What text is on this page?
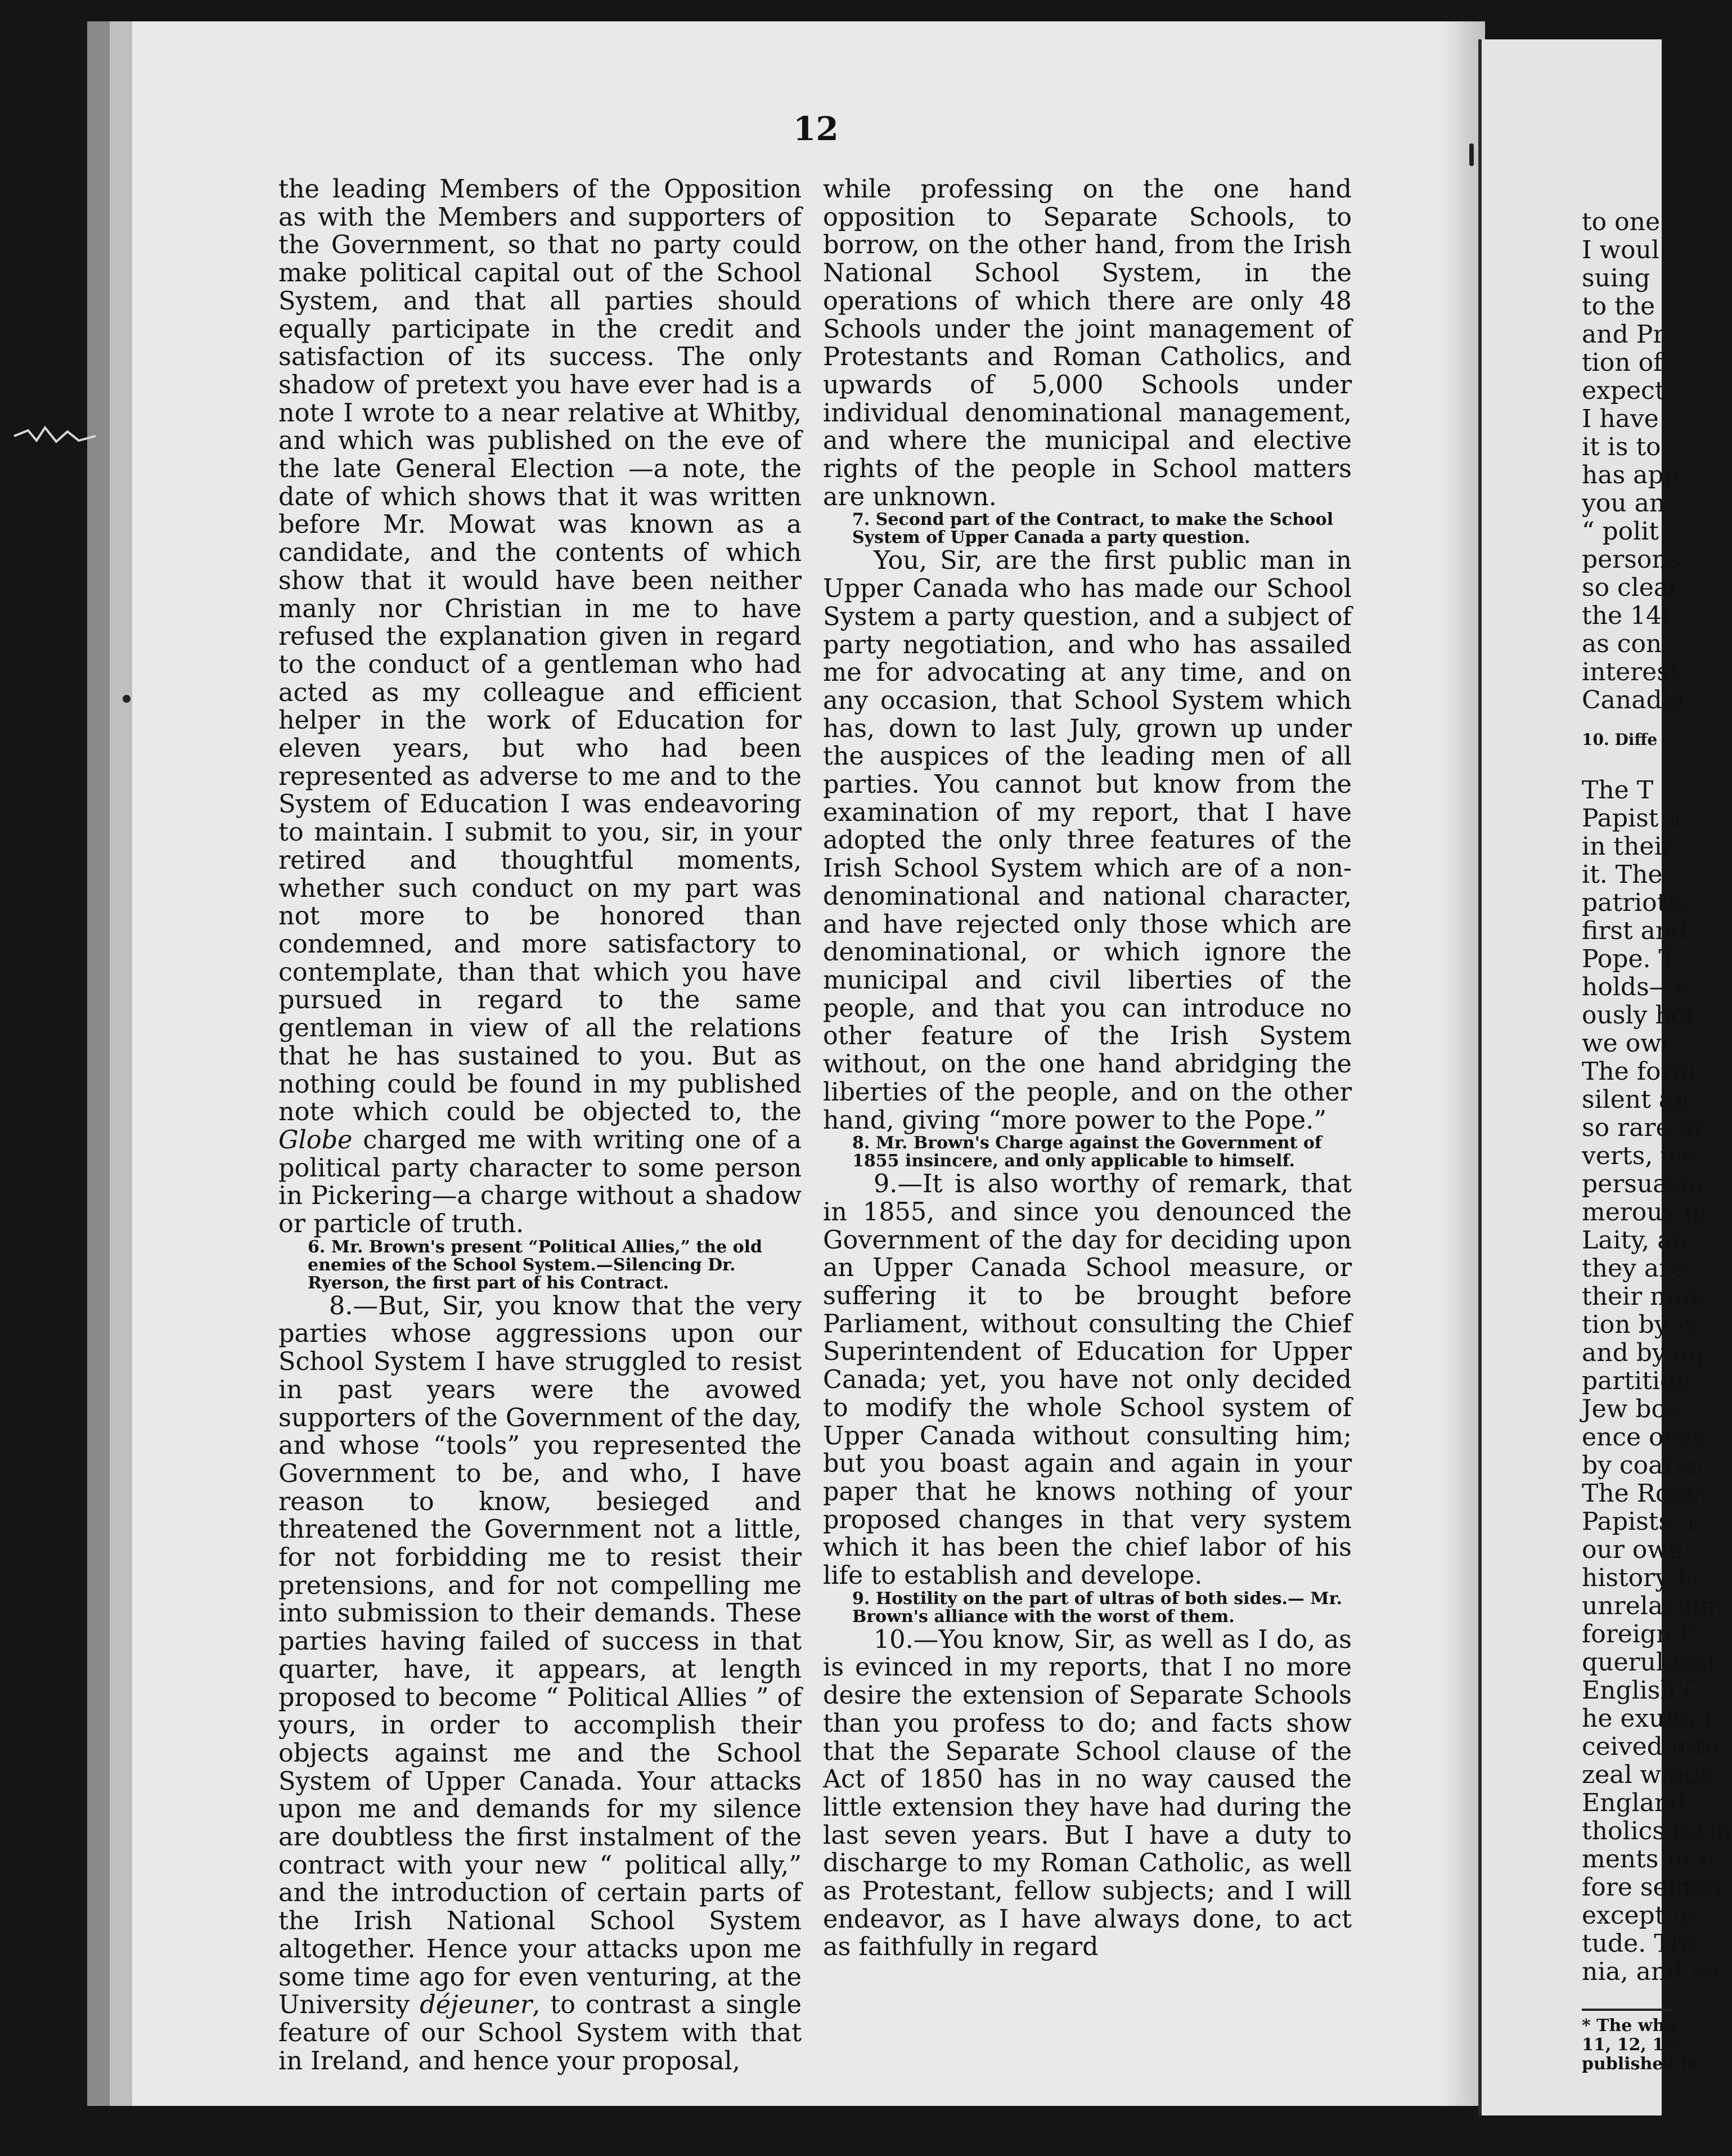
12

the leading Members of the Opposition as with the Members and supporters of the Government, so that no party could make political capital out of the School System, and that all parties should equally participate in the credit and satisfaction of its success. The only shadow of pretext you have ever had is a note I wrote to a near relative at Whitby, and which was published on the eve of the late General Election —a note, the date of which shows that it was written before Mr. Mowat was known as a candidate, and the contents of which show that it would have been neither manly nor Christian in me to have refused the explanation given in regard to the conduct of a gentleman who had acted as my colleague and efficient helper in the work of Education for eleven years, but who had been represented as adverse to me and to the System of Education I was endeavoring to maintain. I submit to you, sir, in your retired and thoughtful moments, whether such conduct on my part was not more to be honored than condemned, and more satisfactory to contemplate, than that which you have pursued in regard to the same gentleman in view of all the relations that he has sustained to you. But as nothing could be found in my published note which could be objected to, the Globe charged me with writing one of a political party character to some person in Pickering—a charge without a shadow or particle of truth.

6. Mr. Brown's present “Political Allies,” the old enemies of the School System.—Silencing Dr. Ryerson, the first part of his Contract.

8.—But, Sir, you know that the very parties whose aggressions upon our School System I have struggled to resist in past years were the avowed supporters of the Government of the day, and whose “tools” you represented the Government to be, and who, I have reason to know, besieged and threatened the Government not a little, for not forbidding me to resist their pretensions, and for not compelling me into submission to their demands. These parties having failed of success in that quarter, have, it appears, at length proposed to become “ Political Allies ” of yours, in order to accomplish their objects against me and the School System of Upper Canada. Your attacks upon me and demands for my silence are doubtless the first instalment of the contract with your new “ political ally,” and the introduction of certain parts of the Irish National School System altogether. Hence your attacks upon me some time ago for even venturing, at the University déjeuner, to contrast a single feature of our School System with that in Ireland, and hence your proposal,

while professing on the one hand opposition to Separate Schools, to borrow, on the other hand, from the Irish National School System, in the operations of which there are only 48 Schools under the joint management of Protestants and Roman Catholics, and upwards of 5,000 Schools under individual denominational management, and where the municipal and elective rights of the people in School matters are unknown.

7. Second part of the Contract, to make the School System of Upper Canada a party question.

You, Sir, are the first public man in Upper Canada who has made our School System a party question, and a subject of party negotiation, and who has assailed me for advocating at any time, and on any occasion, that School System which has, down to last July, grown up under the auspices of the leading men of all parties. You cannot but know from the examination of my report, that I have adopted the only three features of the Irish School System which are of a non-denominational and national character, and have rejected only those which are denominational, or which ignore the municipal and civil liberties of the people, and that you can introduce no other feature of the Irish System without, on the one hand abridging the liberties of the people, and on the other hand, giving “more power to the Pope.”

8. Mr. Brown's Charge against the Government of 1855 insincere, and only applicable to himself.

9.—It is also worthy of remark, that in 1855, and since you denounced the Government of the day for deciding upon an Upper Canada School measure, or suffering it to be brought before Parliament, without consulting the Chief Superintendent of Education for Upper Canada; yet, you have not only decided to modify the whole School system of Upper Canada without consulting him; but you boast again and again in your paper that he knows nothing of your proposed changes in that very system which it has been the chief labor of his life to establish and develope.

9. Hostility on the part of ultras of both sides.— Mr. Brown's alliance with the worst of them.

10.—You know, Sir, as well as I do, as is evinced in my reports, that I no more desire the extension of Separate Schools than you profess to do; and facts show that the Separate School clause of the Act of 1850 has in no way caused the little extension they have had during the last seven years. But I have a duty to discharge to my Roman Catholic, as well as Protestant, fellow subjects; and I will endeavor, as I have always done, to act as faithfully in regard

to one
I woul
suing
to the
and Pr
tion of
expect
I have
it is to
has app
you an
“ polit
persons
so clear
the 14t
as con
interest
Canadia
10. Diffe
The T
Papist a
in their
it. The
patriotis
first and
Pope. T
holds—w
ously hol
we owe
The form
silent an
so rare in
verts, we
persuasio
merous in
Laity, an
they are
their num
tion by w
and by ag
partition
Jew boy
ence over
by coarse
The Roma
Papists, r
our own c
history be
unrelaxing
foreign P
querulousl
English C
he exults i
ceived into
zeal which
England.
tholics form
ments in R
fore seldon
except as
tude. The
nia, and so
* The who
11, 12, 13,
published in
